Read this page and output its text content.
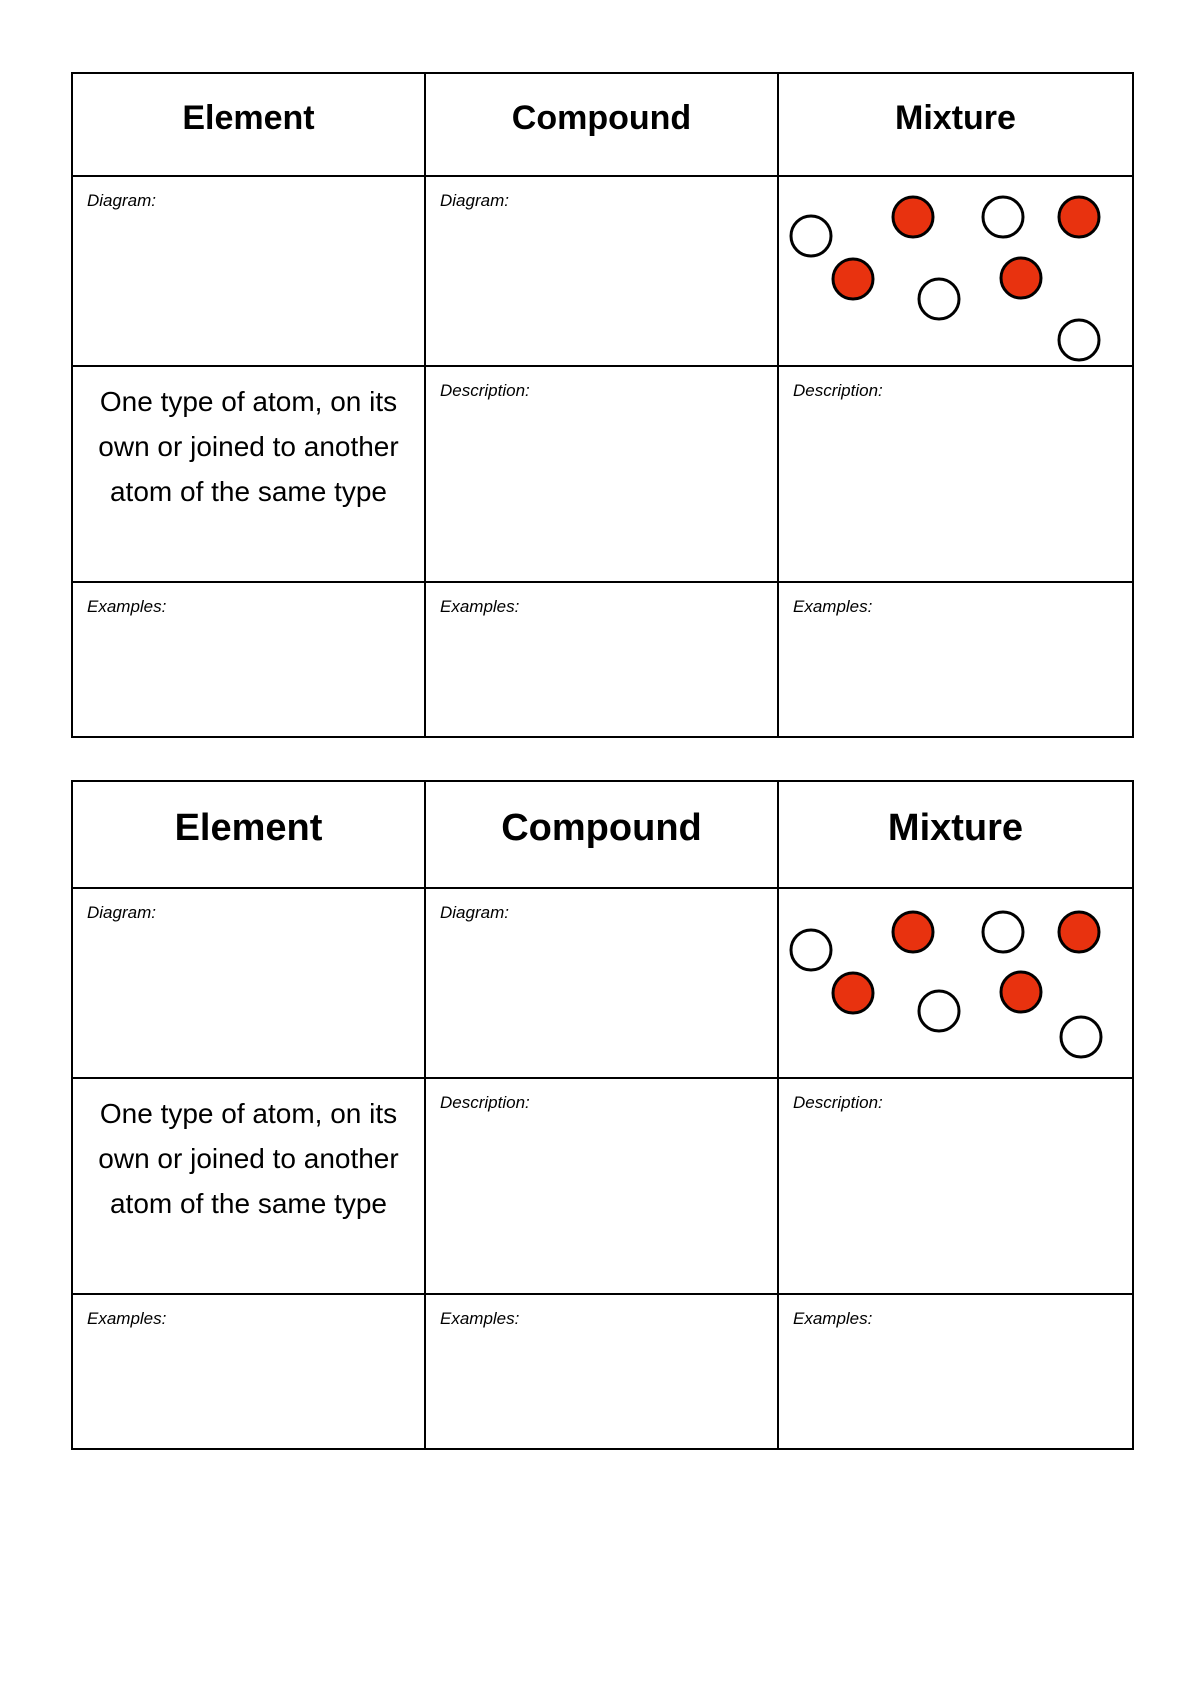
Element	Compound	Mixture

Diagram:	Diagram:

One type of atom, on its own or joined to another atom of the same type	Description:	Description:

Examples:	Examples:	Examples:
Element	Compound	Mixture

Diagram:	Diagram:

One type of atom, on its own or joined to another atom of the same type	Description:	Description:

Examples:	Examples:	Examples:
